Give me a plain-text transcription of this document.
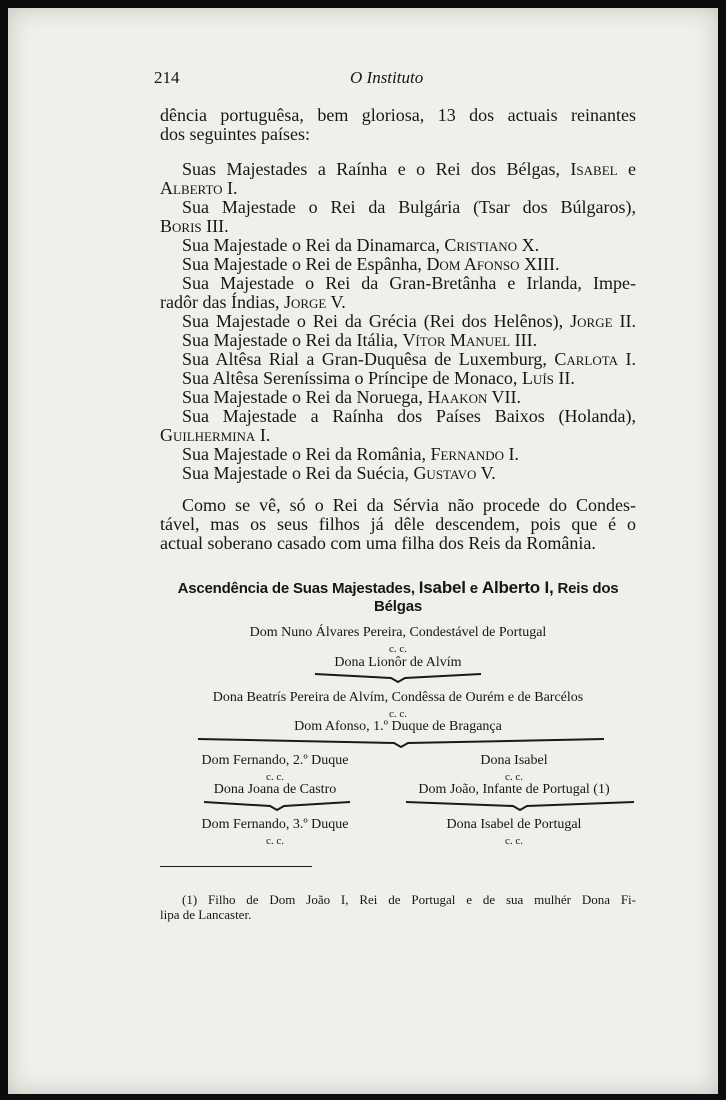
214	O Instituto
dência portuguêsa, bem gloriosa, 13 dos actuais reinantes
dos seguintes países:
Suas Majestades a Raínha e o Rei dos Bélgas, Isabel e
Alberto I.
Sua Majestade o Rei da Bulgária (Tsar dos Búlgaros),
Boris III.
Sua Majestade o Rei da Dinamarca, Cristiano X.
Sua Majestade o Rei de Espânha, Dom Afonso XIII.
Sua Majestade o Rei da Gran-Bretânha e Irlanda, Impe-
radôr das Índias, Jorge V.
Sua Majestade o Rei da Grécia (Rei dos Helênos), Jorge II.
Sua Majestade o Rei da Itália, Vítor Manuel III.
Sua Altêsa Rial a Gran-Duquêsa de Luxemburg, Carlota I.
Sua Altêsa Sereníssima o Príncipe de Monaco, Luís II.
Sua Majestade o Rei da Noruega, Haakon VII.
Sua Majestade a Raínha dos Países Baixos (Holanda),
Guilhermina I.
Sua Majestade o Rei da România, Fernando I.
Sua Majestade o Rei da Suécia, Gustavo V.
Como se vê, só o Rei da Sérvia não procede do Condes-
tável, mas os seus filhos já dêle descendem, pois que é o
actual soberano casado com uma filha dos Reis da România.
Ascendência de Suas Majestades, Isabel e Alberto I, Reis dos Bélgas
Dom Nuno Álvares Pereira, Condestável de Portugal
c. c.
Dona Lionôr de Alvím
Dona Beatrís Pereira de Alvím, Condêssa de Ourém e de Barcélos
c. c.
Dom Afonso, 1.º Duque de Bragança
Dom Fernando, 2.º Duque
c. c.
Dona Joana de Castro
Dona Isabel
c. c.
Dom João, Infante de Portugal (1)
Dom Fernando, 3.º Duque
c. c.
Dona Isabel de Portugal
c. c.
(1) Filho de Dom João I, Rei de Portugal e de sua mulhér Dona Fi-
lipa de Lancaster.
